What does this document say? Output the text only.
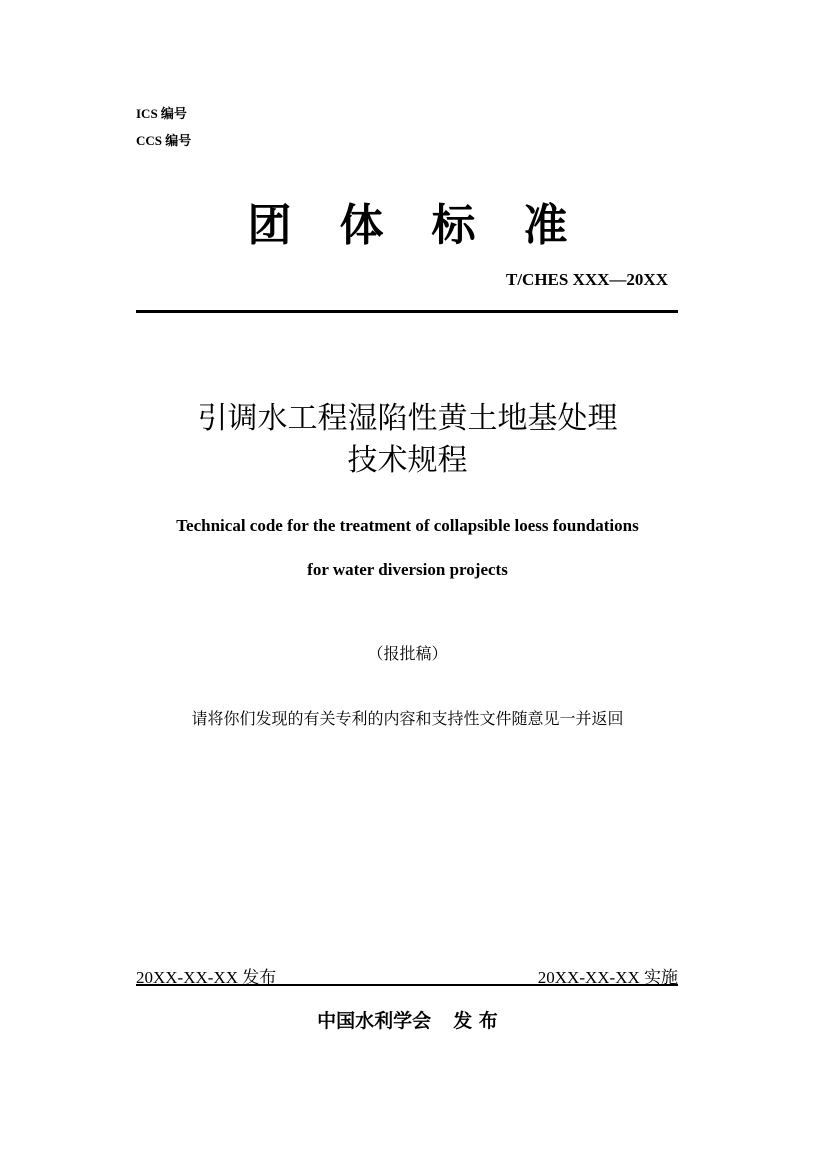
ICS 编号
CCS 编号
团 体 标 准
T/CHES XXX—20XX
引调水工程湿陷性黄土地基处理
技术规程
Technical code for the treatment of collapsible loess foundations
for water diversion projects
（报批稿）
请将你们发现的有关专利的内容和支持性文件随意见一并返回
20XX-XX-XX 发布	20XX-XX-XX 实施
中国水利学会 发 布
